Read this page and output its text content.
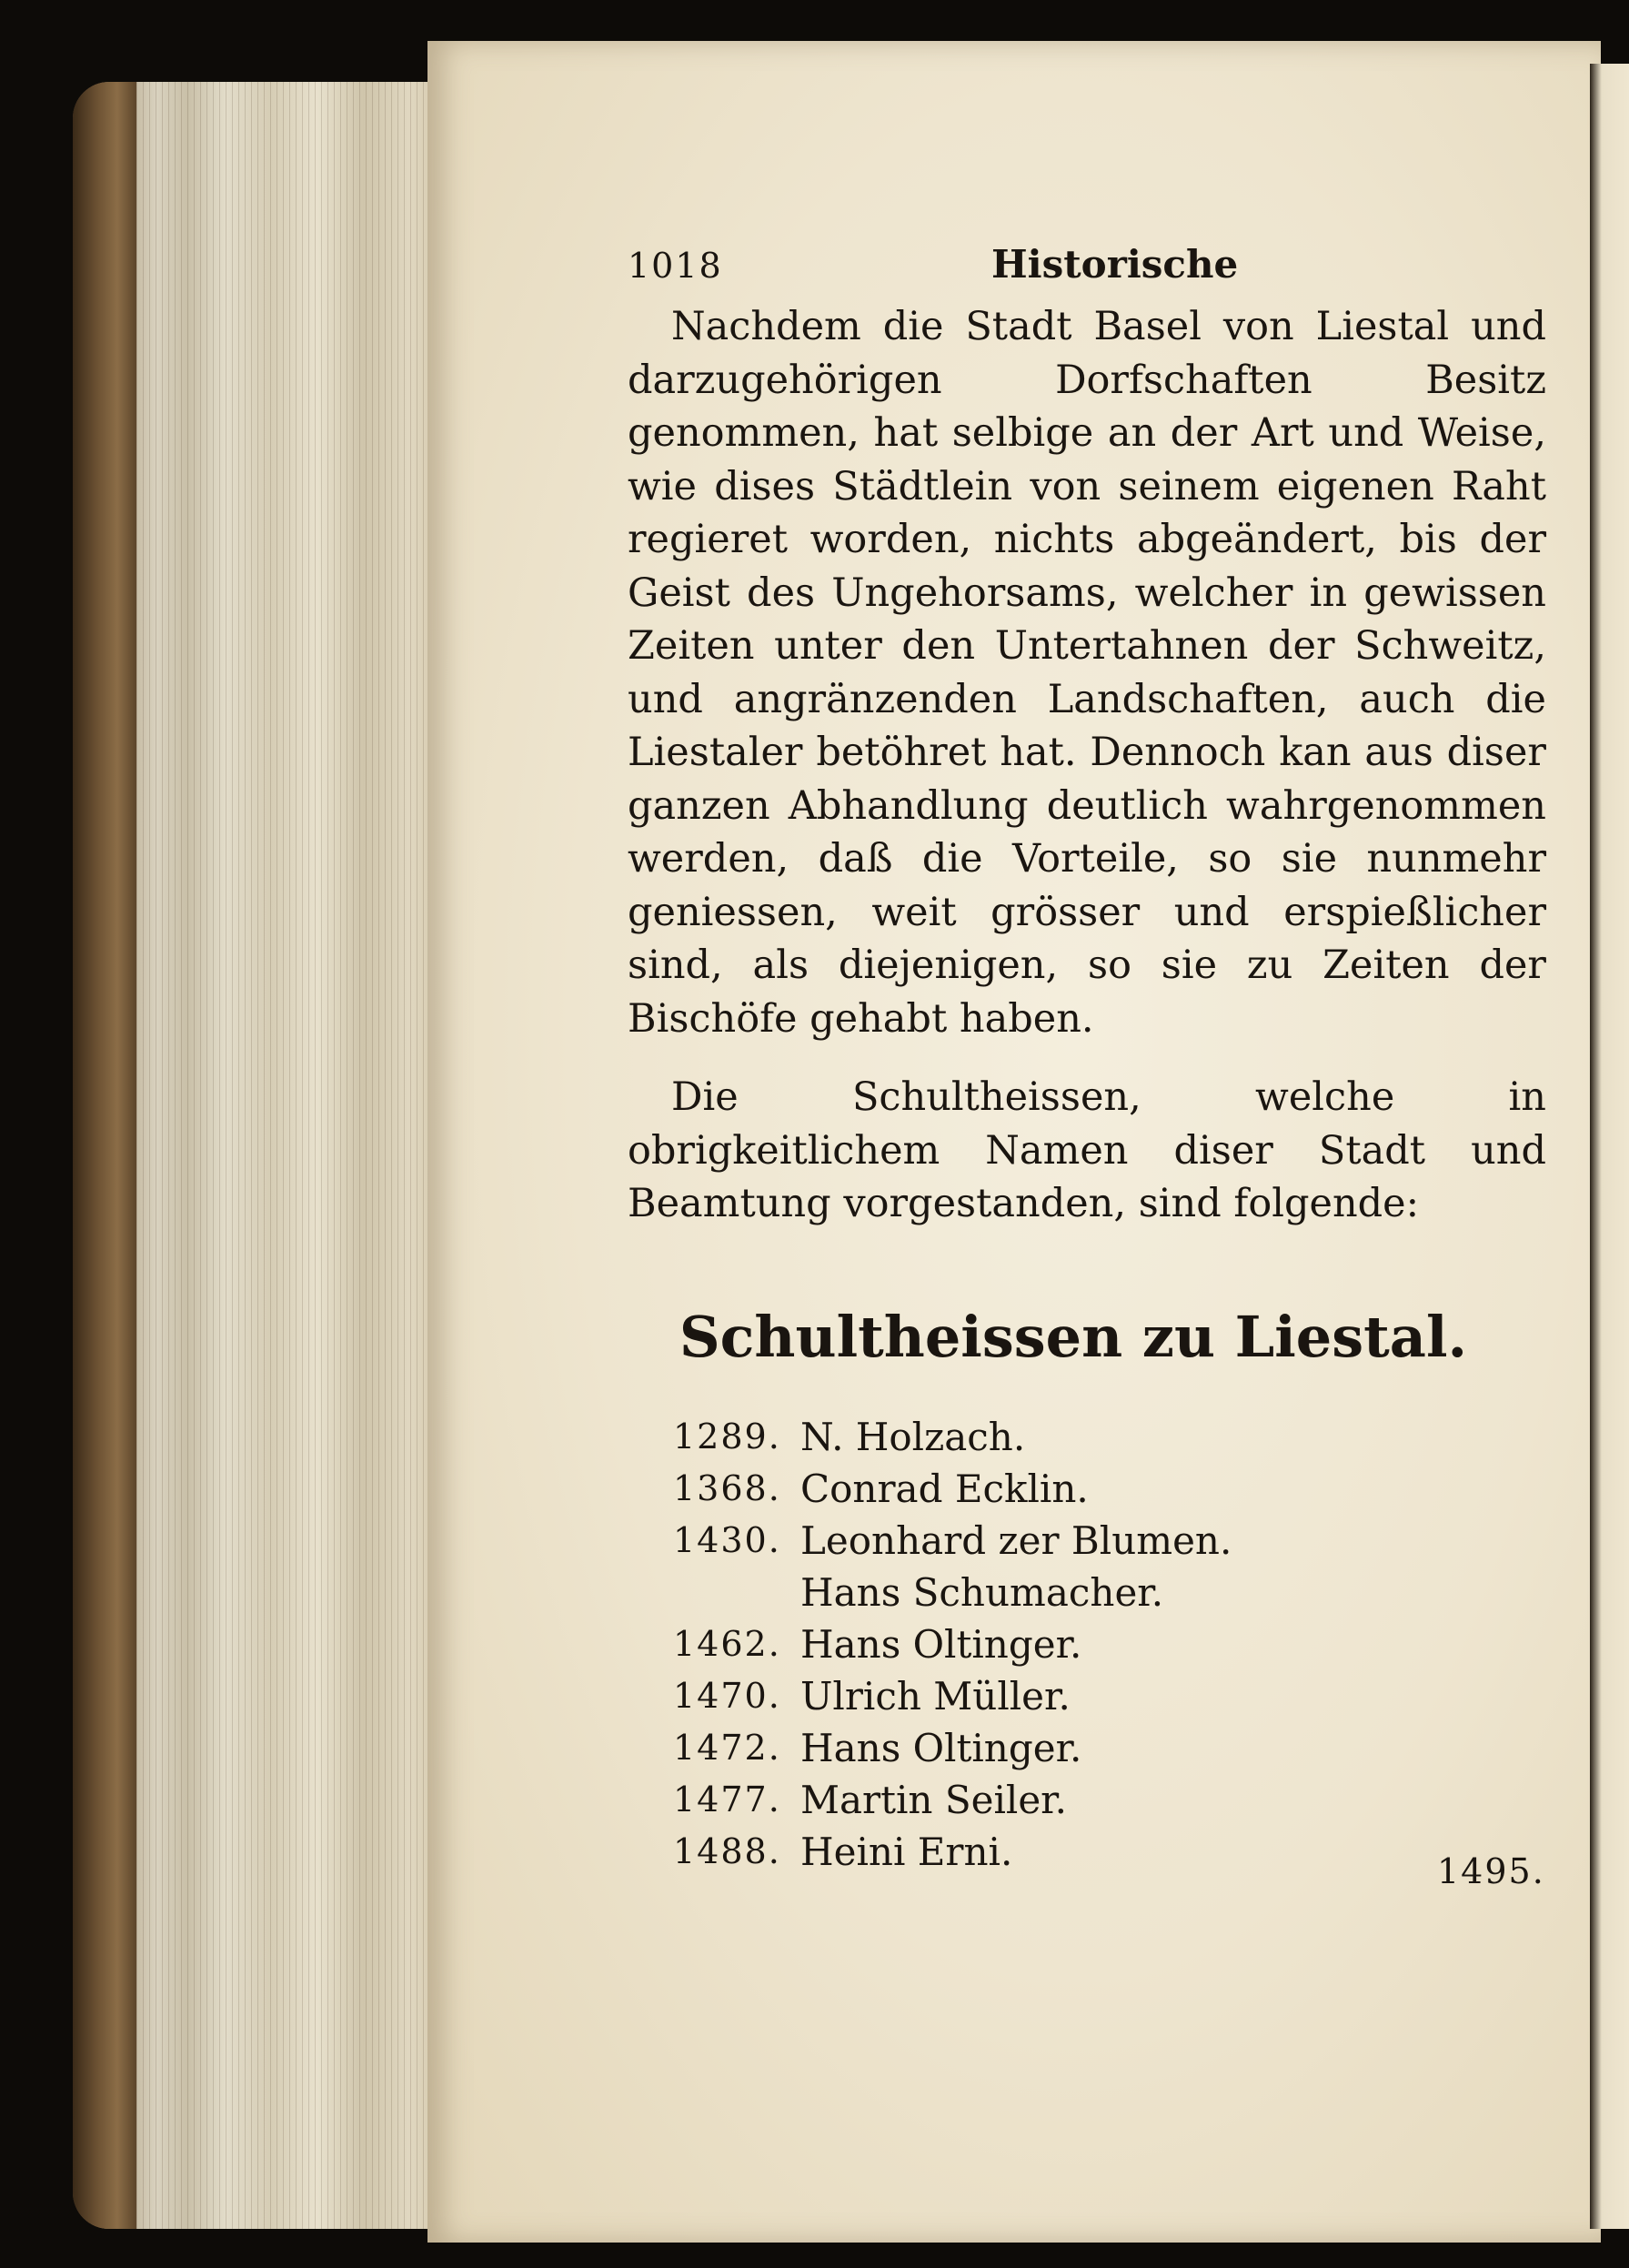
1018	Historische

Nachdem die Stadt Basel von Liestal und darzugehörigen Dorfschaften Besitz genommen, hat selbige an der Art und Weise, wie dises Städtlein von seinem eigenen Raht regieret worden, nichts abgeändert, bis der Geist des Ungehorsams, welcher in gewissen Zeiten unter den Untertahnen der Schweitz, und angränzenden Landschaften, auch die Liestaler betöhret hat. Dennoch kan aus diser ganzen Abhandlung deutlich wahrgenommen werden, daß die Vorteile, so sie nunmehr geniessen, weit grösser und erspießlicher sind, als diejenigen, so sie zu Zeiten der Bischöfe gehabt haben.

Die Schultheissen, welche in obrigkeitlichem Namen diser Stadt und Beamtung vorgestanden, sind folgende:

Schultheissen zu Liestal.
1289. N. Holzach.
1368. Conrad Ecklin.
1430. Leonhard zer Blumen.
Hans Schumacher.
1462. Hans Oltinger.
1470. Ulrich Müller.
1472. Hans Oltinger.
1477. Martin Seiler.
1488. Heini Erni.	1495.
